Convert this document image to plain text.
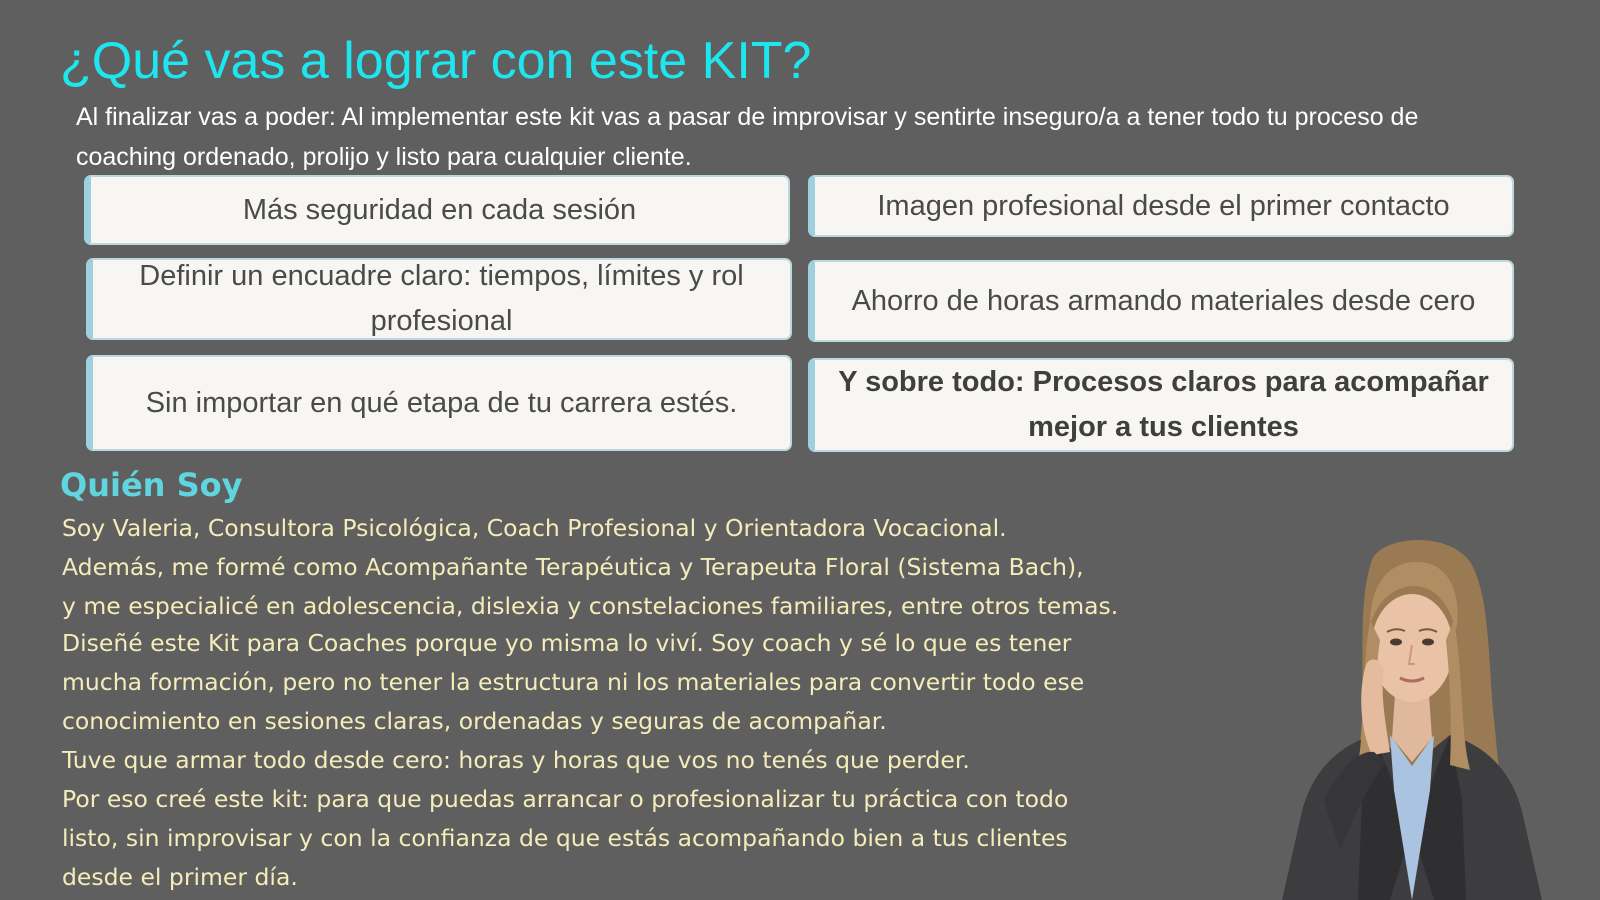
¿Qué vas a lograr con este KIT?

Al finalizar vas a poder: Al implementar este kit vas a pasar de improvisar y sentirte inseguro/a a tener todo tu proceso de coaching ordenado, prolijo y listo para cualquier cliente.

Más seguridad en cada sesión	Imagen profesional desde el primer contacto
Definir un encuadre claro: tiempos, límites y rol profesional
Ahorro de horas armando materiales desde cero
Sin importar en qué etapa de tu carrera estés.
Y sobre todo: Procesos claros para acompañar mejor a tus clientes
Quién Soy

Soy Valeria, Consultora Psicológica, Coach Profesional y Orientadora Vocacional.

Además, me formé como Acompañante Terapéutica y Terapeuta Floral (Sistema Bach),

y me especialicé en adolescencia, dislexia y constelaciones familiares, entre otros temas.

Diseñé este Kit para Coaches porque yo misma lo viví. Soy coach y sé lo que es tener

mucha formación, pero no tener la estructura ni los materiales para convertir todo ese

conocimiento en sesiones claras, ordenadas y seguras de acompañar.

Tuve que armar todo desde cero: horas y horas que vos no tenés que perder.

Por eso creé este kit: para que puedas arrancar o profesionalizar tu práctica con todo

listo, sin improvisar y con la confianza de que estás acompañando bien a tus clientes

desde el primer día.
